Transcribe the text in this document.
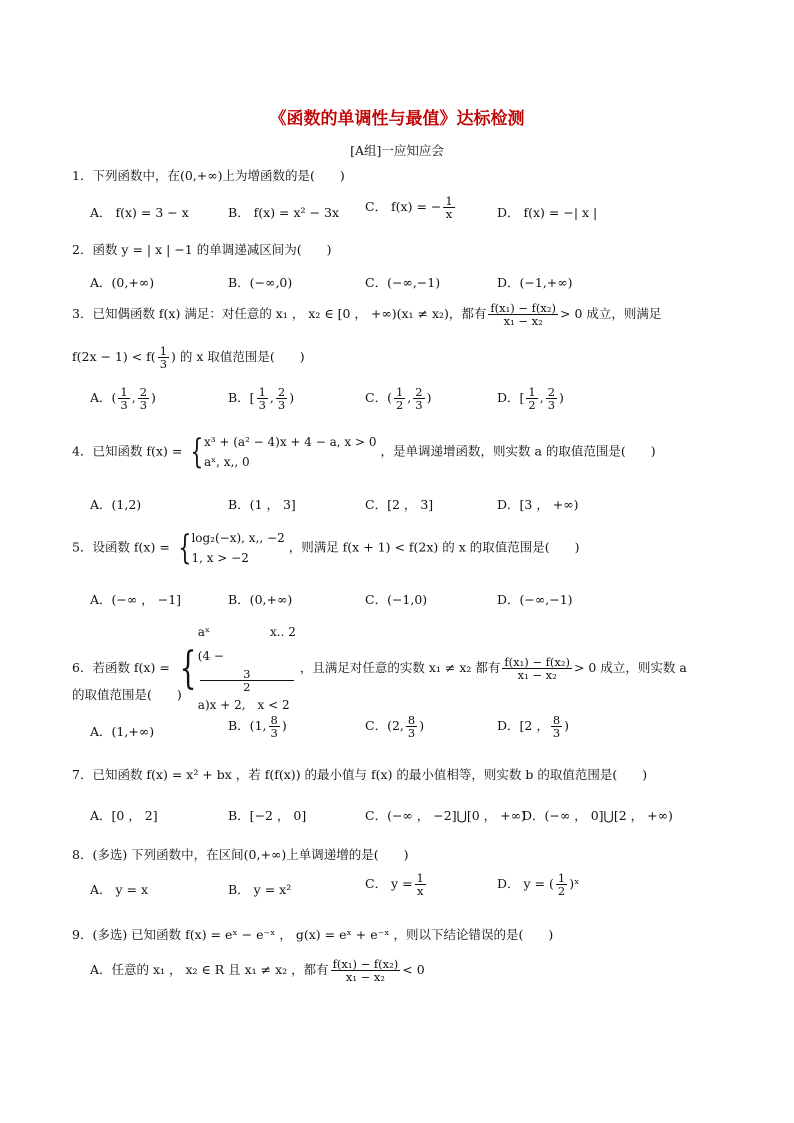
《函数的单调性与最值》达标检测
[A组]一应知应会
1．下列函数中，在(0,+∞)上为增函数的是(　　)
A． f(x) = 3 − x	B． f(x) = x² − 3x C． f(x) = − $\frac{1}{x}$	D． f(x) = −| x |
2．函数 y = | x | −1 的单调递减区间为(　　)
A．(0,+∞)	B．(−∞,0)	C．(−∞,−1)	D．(−1,+∞)
3．已知偶函数 f(x) 满足：对任意的 x₁ ， x₂ ∈ [0 ， +∞)(x₁ ≠ x₂)，都有 $\frac{\text{f(x₁) − f(x₂)}}{\text{x₁ − x₂}} > 0$ 成立，则满足
$f(2x - 1) < f( \frac{1}{3}$ ) 的 x 取值范围是(　　)
A．( $\frac{1}{3}$ , $\frac{2}{3}$ )	B．[ $\frac{1}{3}$ , $\frac{2}{3}$ )	C．( $\frac{1}{2}$ , $\frac{2}{3}$ )	D．[ $\frac{1}{2}$ , $\frac{2}{3}$ )
4．已知函数 f(x) = { x³ + (a² − 4)x + 4 − a, x > 0
aˣ, x,, 0
，是单调递增函数，则实数 a 的取值范围是(　　)
A．(1,2)	B．(1 ， 3]	C．[2 ， 3]	D．[3 ， +∞)
5．设函数 f(x) = { log₂(−x), x,, −2
1, x > −2
，则满足 f(x + 1) < f(2x) 的 x 的取值范围是(　　)
A．(−∞ ， −1]	B．(0,+∞)	C．(−1,0)	D．(−∞,−1)
6．若函数 f(x) = {
aˣ　　　　　x.. 2
(4 −
3
2
a)x + 2,　x < 2
，且满足对任意的实数 x₁ ≠ x₂ 都有 $\frac{\text{f(x₁) − f(x₂)}}{\text{x₁ − x₂}} > 0$ 成立，则实数 a
的取值范围是(　　)
A．(1,+∞)	B．(1, $\frac{8}{3}$ )	C．(2, $\frac{8}{3}$ )	D．[2 ， $\frac{8}{3}$ )
7．已知函数 f(x) = x² + bx ，若 f(f(x)) 的最小值与 f(x) 的最小值相等，则实数 b 的取值范围是(　　)
A．[0 ， 2]	B．[−2 ， 0]	C．(−∞ ， −2]⋃[0 ， +∞)
D．(−∞ ， 0]⋃[2 ， +∞)
8．(多选) 下列函数中，在区间(0,+∞)上单调递增的是(　　)
A． y = x	B． y = x²	C． $y = \frac{1}{x}$	D． y = ( $\frac{1}{2}$ )ˣ
9．(多选) 已知函数 f(x) = eˣ − e⁻ˣ ， g(x) = eˣ + e⁻ˣ ，则以下结论错误的是(　　)
A．任意的 x₁ ， x₂ ∈ R 且 x₁ ≠ x₂ ，都有 $\frac{\text{f(x₁) − f(x₂)}}{\text{x₁ − x₂}} < 0$
